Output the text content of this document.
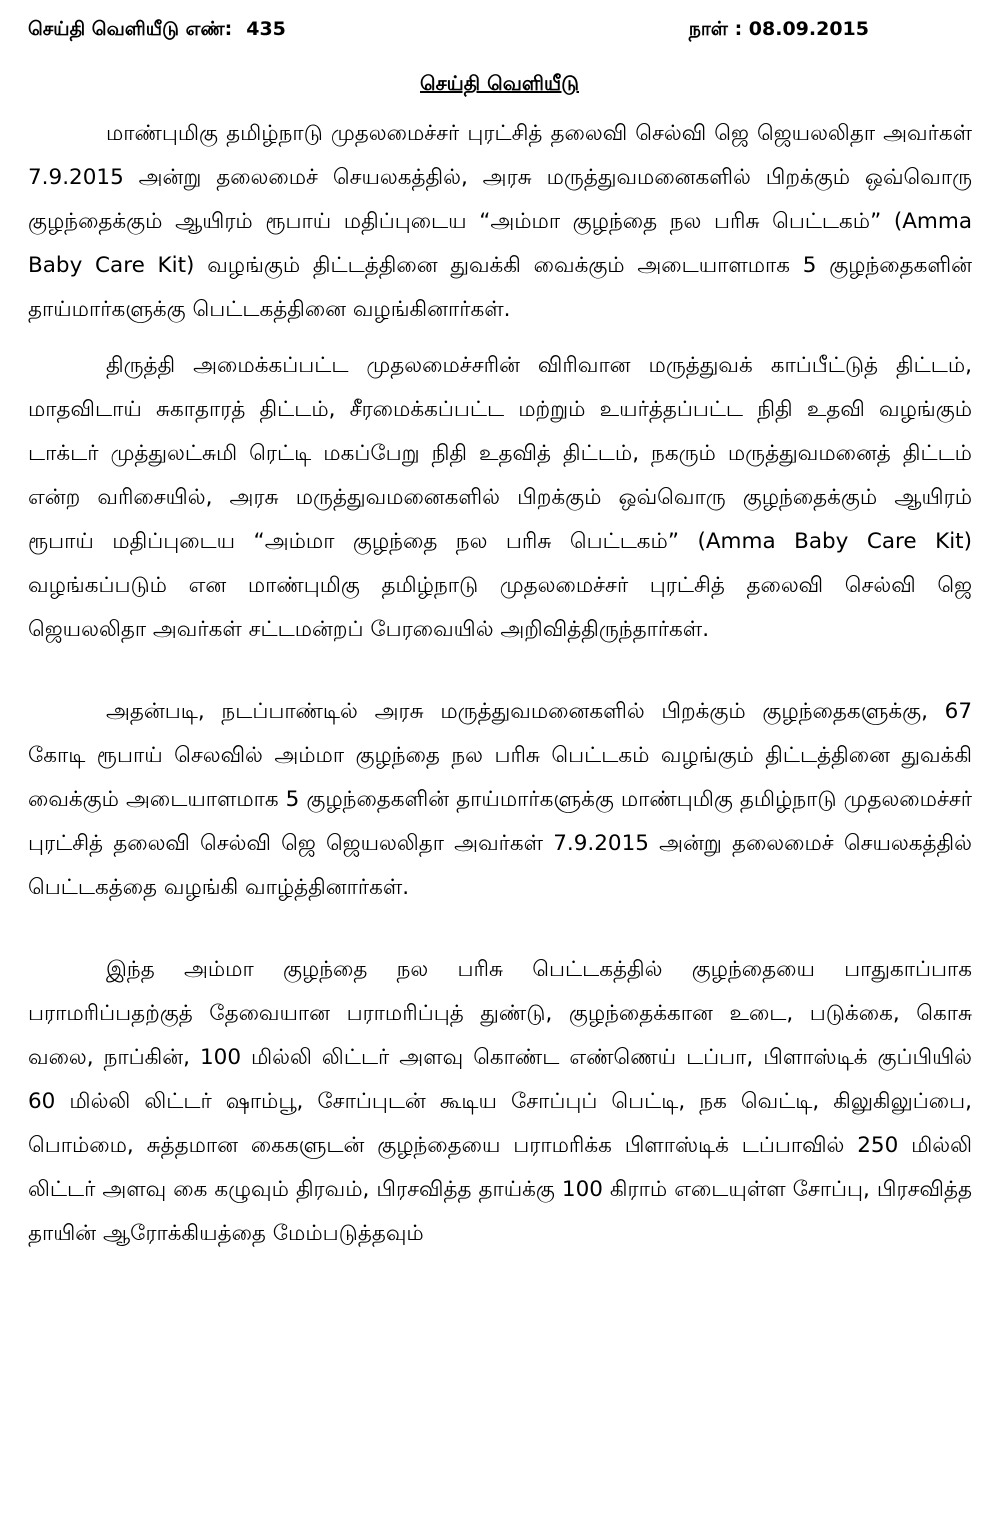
செய்தி வெளியீடு எண்: 435	நாள் : 08.09.2015
செய்தி வெளியீடு

மாண்புமிகு தமிழ்நாடு முதலமைச்சர் புரட்சித் தலைவி செல்வி ஜெ ஜெயலலிதா அவர்கள் 7.9.2015 அன்று தலைமைச் செயலகத்தில், அரசு மருத்துவமனைகளில் பிறக்கும் ஒவ்வொரு குழந்தைக்கும் ஆயிரம் ரூபாய் மதிப்புடைய “அம்மா குழந்தை நல பரிசு பெட்டகம்” (Amma Baby Care Kit) வழங்கும் திட்டத்தினை துவக்கி வைக்கும் அடையாளமாக 5 குழந்தைகளின் தாய்மார்களுக்கு பெட்டகத்தினை வழங்கினார்கள்.

திருத்தி அமைக்கப்பட்ட முதலமைச்சரின் விரிவான மருத்துவக் காப்பீட்டுத் திட்டம், மாதவிடாய் சுகாதாரத் திட்டம், சீரமைக்கப்பட்ட மற்றும் உயர்த்தப்பட்ட நிதி உதவி வழங்கும் டாக்டர் முத்துலட்சுமி ரெட்டி மகப்பேறு நிதி உதவித் திட்டம், நகரும் மருத்துவமனைத் திட்டம் என்ற வரிசையில், அரசு மருத்துவமனைகளில் பிறக்கும் ஒவ்வொரு குழந்தைக்கும் ஆயிரம் ரூபாய் மதிப்புடைய “அம்மா குழந்தை நல பரிசு பெட்டகம்” (Amma Baby Care Kit) வழங்கப்படும் என மாண்புமிகு தமிழ்நாடு முதலமைச்சர் புரட்சித் தலைவி செல்வி ஜெ ஜெயலலிதா அவர்கள் சட்டமன்றப் பேரவையில் அறிவித்திருந்தார்கள்.

அதன்படி, நடப்பாண்டில் அரசு மருத்துவமனைகளில் பிறக்கும் குழந்தைகளுக்கு, 67 கோடி ரூபாய் செலவில் அம்மா குழந்தை நல பரிசு பெட்டகம் வழங்கும் திட்டத்தினை துவக்கி வைக்கும் அடையாளமாக 5 குழந்தைகளின் தாய்மார்களுக்கு மாண்புமிகு தமிழ்நாடு முதலமைச்சர் புரட்சித் தலைவி செல்வி ஜெ ஜெயலலிதா அவர்கள் 7.9.2015 அன்று தலைமைச் செயலகத்தில் பெட்டகத்தை வழங்கி வாழ்த்தினார்கள்.

இந்த அம்மா குழந்தை நல பரிசு பெட்டகத்தில் குழந்தையை பாதுகாப்பாக பராமரிப்பதற்குத் தேவையான பராமரிப்புத் துண்டு, குழந்தைக்கான உடை, படுக்கை, கொசு வலை, நாப்கின், 100 மில்லி லிட்டர் அளவு கொண்ட எண்ணெய் டப்பா, பிளாஸ்டிக் குப்பியில் 60 மில்லி லிட்டர் ஷாம்பூ, சோப்புடன் கூடிய சோப்புப் பெட்டி, நக வெட்டி, கிலுகிலுப்பை, பொம்மை, சுத்தமான கைகளுடன் குழந்தையை பராமரிக்க பிளாஸ்டிக் டப்பாவில் 250 மில்லி லிட்டர் அளவு கை கழுவும் திரவம், பிரசவித்த தாய்க்கு 100 கிராம் எடையுள்ள சோப்பு, பிரசவித்த தாயின் ஆரோக்கியத்தை மேம்படுத்தவும்
